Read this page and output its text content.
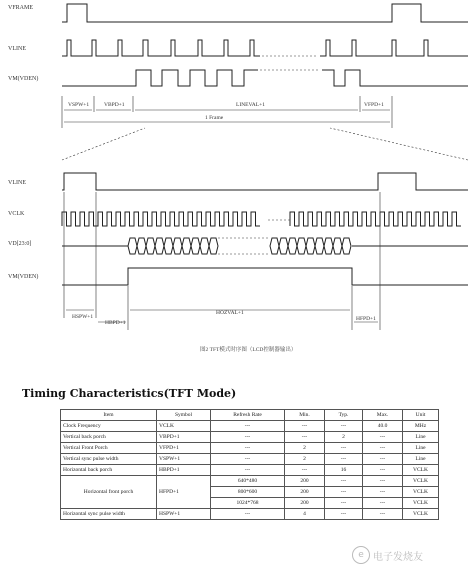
VFRAME
VLINE
VM(VDEN)
VSPW+1	VBPD+1	LINEVAL+1	VFPD+1
1 Frame
VLINE
VCLK
VD[23:0]
VM(VDEN)
HSPW+1
HBPD+1
HOZVAL+1
HFPD+1
图2 TFT模式时序图（LCD控制器输出）
Timing Characteristics(TFT Mode)
Item	Symbol	Refresh Rate	Min.	Typ.	Max.	Unit
Clock Frequency	VCLK	---	---	---	40.0	MHz
Vertical back porch	VBPD+1	---	---	2	---	Line
Vertical Front Porch	VFPD+1	---	2	---	---	Line
Vertical sync pulse width	VSPW+1	---	2	---	---	Line
Horizontal back porch	HBPD+1	---	---	16	---	VCLK
Horizontal front porch	HFPD+1	640*480	200	---	---	VCLK
		800*600	200	---	---	VCLK
		1024*768	200	---	---	VCLK
Horizontal sync pulse width	HSPW+1	---	4	---	---	VCLK
e 电子发烧友
